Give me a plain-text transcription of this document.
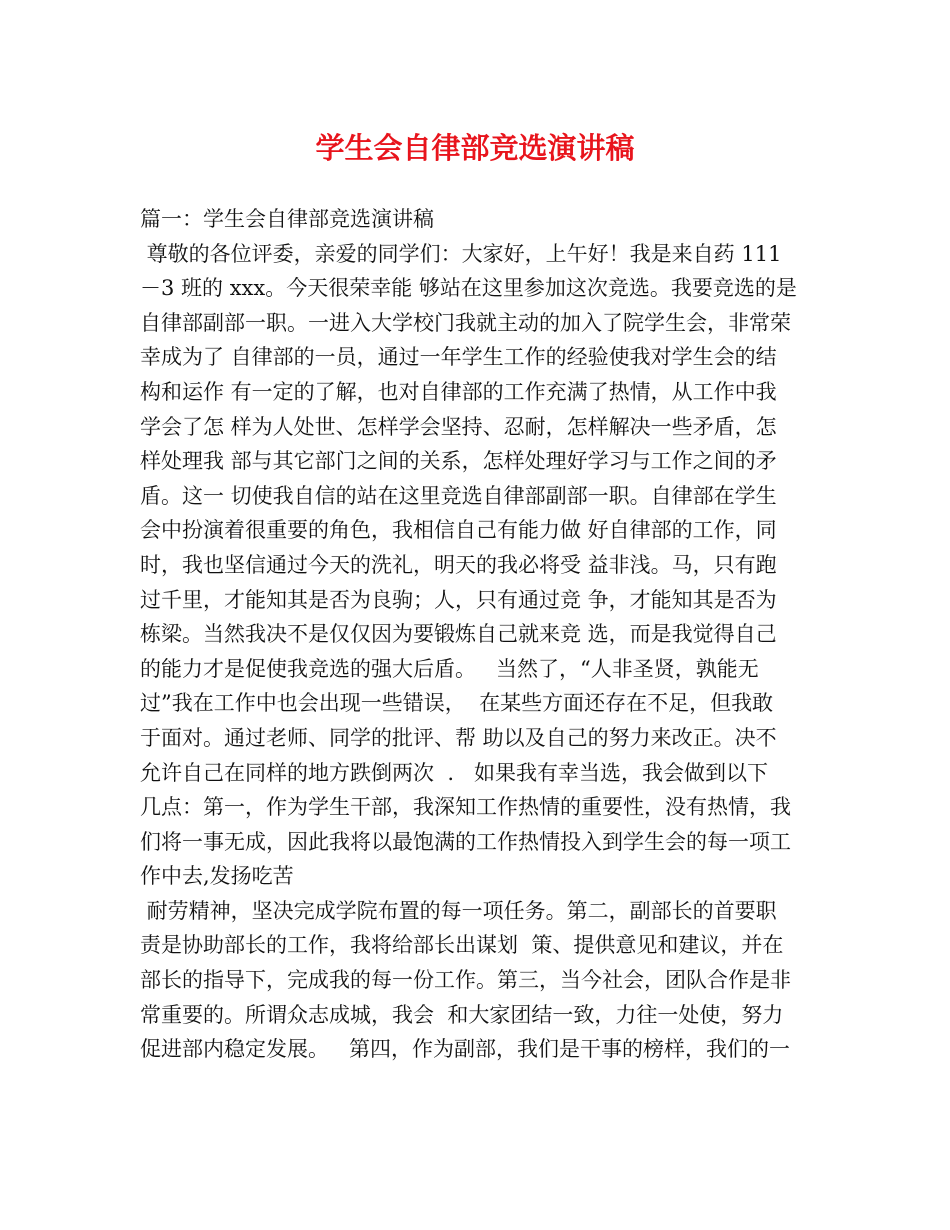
学生会自律部竞选演讲稿
篇一：学生会自律部竞选演讲稿
尊敬的各位评委，亲爱的同学们：大家好，上午好！我是来自药 111
－3 班的 xxx。今天很荣幸能 够站在这里参加这次竞选。我要竞选的是
自律部副部一职。一进入大学校门我就主动的加入了院学生会，非常荣
幸成为了 自律部的一员，通过一年学生工作的经验使我对学生会的结
构和运作 有一定的了解，也对自律部的工作充满了热情，从工作中我
学会了怎 样为人处世、怎样学会坚持、忍耐，怎样解决一些矛盾，怎
样处理我 部与其它部门之间的关系，怎样处理好学习与工作之间的矛
盾。这一 切使我自信的站在这里竞选自律部副部一职。自律部在学生
会中扮演着很重要的角色，我相信自己有能力做 好自律部的工作，同
时，我也坚信通过今天的洗礼，明天的我必将受 益非浅。马，只有跑
过千里，才能知其是否为良驹；人，只有通过竞 争，才能知其是否为
栋梁。当然我决不是仅仅因为要锻炼自己就来竞 选，而是我觉得自己
的能力才是促使我竞选的强大后盾。   当然了，“人非圣贤，孰能无
过”我在工作中也会出现一些错误，  在某些方面还存在不足，但我敢
于面对。通过老师、同学的批评、帮 助以及自己的努力来改正。决不
允许自己在同样的地方跌倒两次  .   如果我有幸当选，我会做到以下
几点：第一，作为学生干部，我深知工作热情的重要性，没有热情，我
们将一事无成，因此我将以最饱满的工作热情投入到学生会的每一项工
作中去,发扬吃苦
耐劳精神，坚决完成学院布置的每一项任务。第二，副部长的首要职
责是协助部长的工作，我将给部长出谋划  策、提供意见和建议，并在
部长的指导下，完成我的每一份工作。第三，当今社会，团队合作是非
常重要的。所谓众志成城，我会  和大家团结一致，力往一处使，努力
促进部内稳定发展。   第四，作为副部，我们是干事的榜样，我们的一
